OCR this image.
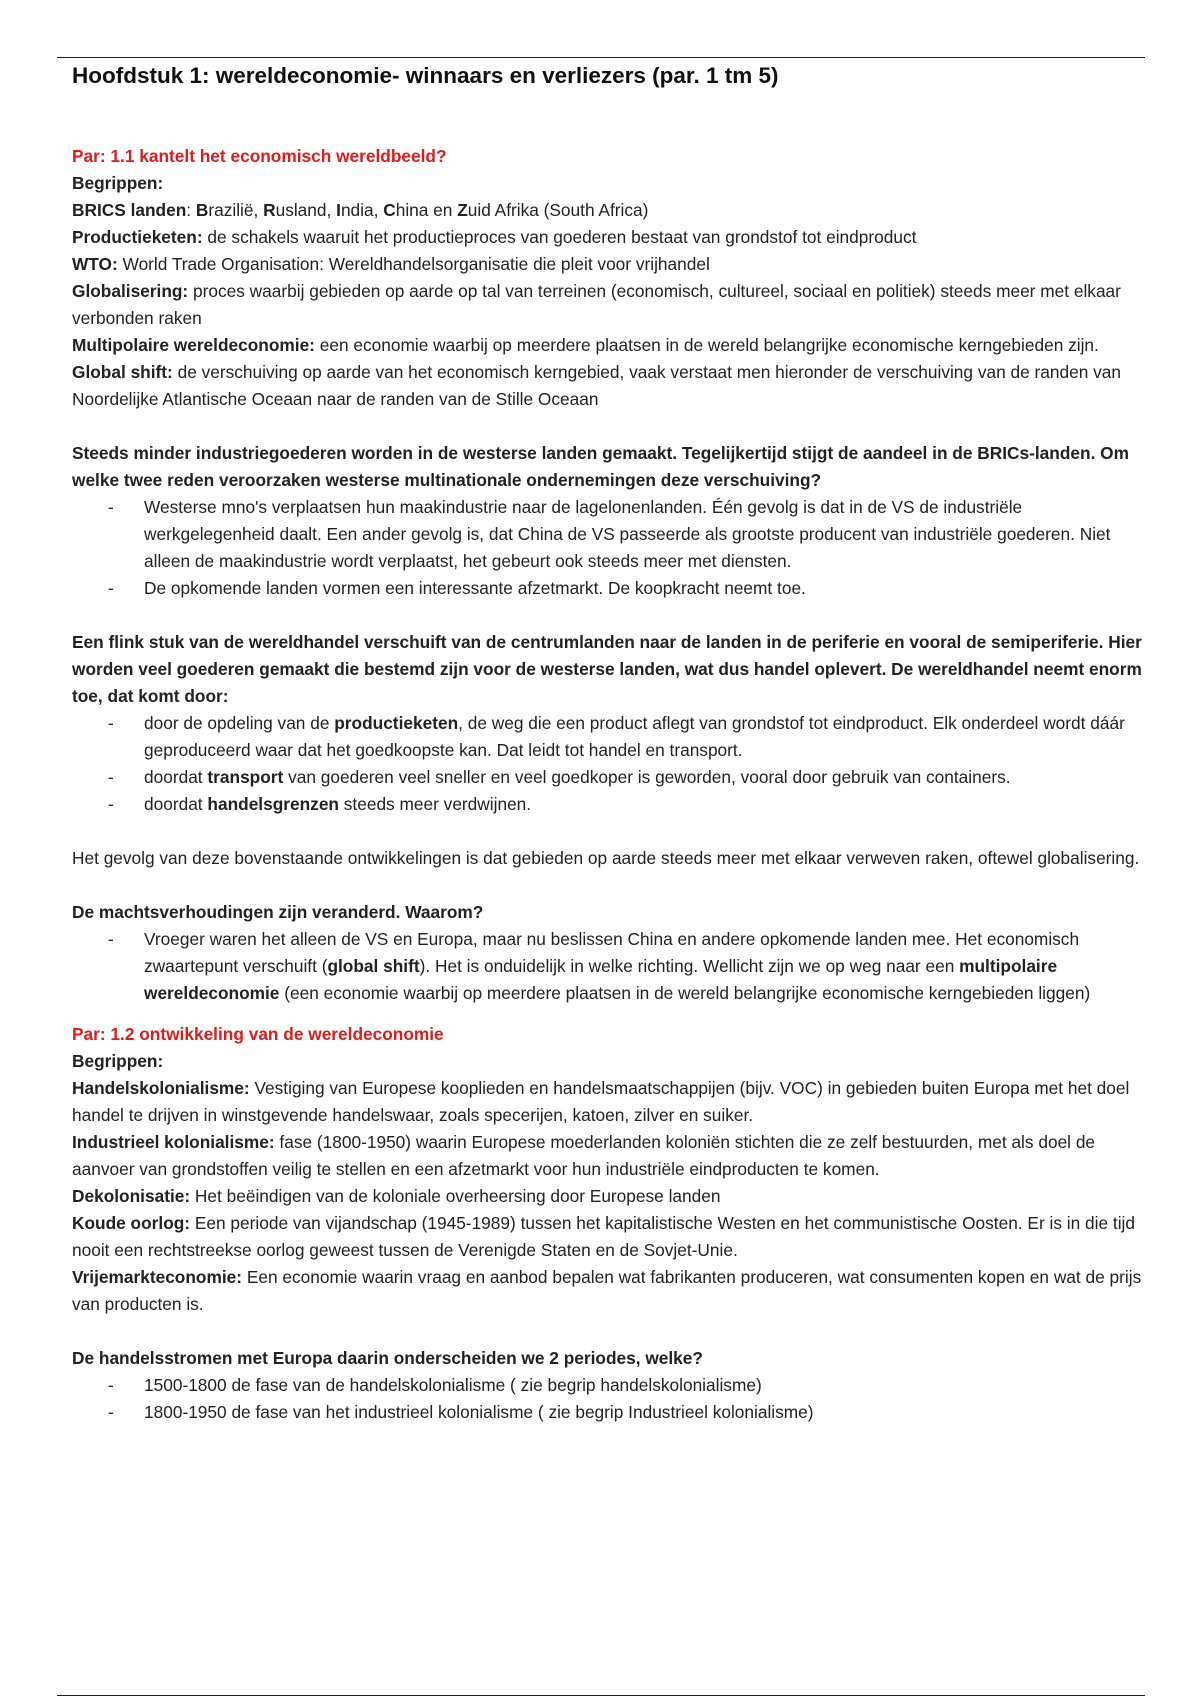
Hoofdstuk 1: wereldeconomie- winnaars en verliezers (par. 1 tm 5)

Par: 1.1 kantelt het economisch wereldbeeld?

Begrippen:

BRICS landen: Brazilië, Rusland, India, China en Zuid Afrika (South Africa)

Productieketen: de schakels waaruit het productieproces van goederen bestaat van grondstof tot eindproduct

WTO: World Trade Organisation: Wereldhandelsorganisatie die pleit voor vrijhandel

Globalisering: proces waarbij gebieden op aarde op tal van terreinen (economisch, cultureel, sociaal en politiek) steeds meer met elkaar verbonden raken

Multipolaire wereldeconomie: een economie waarbij op meerdere plaatsen in de wereld belangrijke economische kerngebieden zijn.

Global shift: de verschuiving op aarde van het economisch kerngebied, vaak verstaat men hieronder de verschuiving van de randen van Noordelijke Atlantische Oceaan naar de randen van de Stille Oceaan

Steeds minder industriegoederen worden in de westerse landen gemaakt. Tegelijkertijd stijgt de aandeel in de BRICs-landen. Om welke twee reden veroorzaken westerse multinationale ondernemingen deze verschuiving?

- Westerse mno's verplaatsen hun maakindustrie naar de lagelonenlanden. Één gevolg is dat in de VS de industriële werkgelegenheid daalt. Een ander gevolg is, dat China de VS passeerde als grootste producent van industriële goederen. Niet alleen de maakindustrie wordt verplaatst, het gebeurt ook steeds meer met diensten.
- De opkomende landen vormen een interessante afzetmarkt. De koopkracht neemt toe.

Een flink stuk van de wereldhandel verschuift van de centrumlanden naar de landen in de periferie en vooral de semiperiferie. Hier worden veel goederen gemaakt die bestemd zijn voor de westerse landen, wat dus handel oplevert. De wereldhandel neemt enorm toe, dat komt door:

- door de opdeling van de productieketen, de weg die een product aflegt van grondstof tot eindproduct. Elk onderdeel wordt dáár geproduceerd waar dat het goedkoopste kan. Dat leidt tot handel en transport.
- doordat transport van goederen veel sneller en veel goedkoper is geworden, vooral door gebruik van containers.
- doordat handelsgrenzen steeds meer verdwijnen.

Het gevolg van deze bovenstaande ontwikkelingen is dat gebieden op aarde steeds meer met elkaar verweven raken, oftewel globalisering.

De machtsverhoudingen zijn veranderd. Waarom?

- Vroeger waren het alleen de VS en Europa, maar nu beslissen China en andere opkomende landen mee. Het economisch zwaartepunt verschuift (global shift). Het is onduidelijk in welke richting. Wellicht zijn we op weg naar een multipolaire wereldeconomie (een economie waarbij op meerdere plaatsen in de wereld belangrijke economische kerngebieden liggen)

Par: 1.2 ontwikkeling van de wereldeconomie

Begrippen:

Handelskolonialisme: Vestiging van Europese kooplieden en handelsmaatschappijen (bijv. VOC) in gebieden buiten Europa met het doel handel te drijven in winstgevende handelswaar, zoals specerijen, katoen, zilver en suiker.

Industrieel kolonialisme: fase (1800-1950) waarin Europese moederlanden koloniën stichten die ze zelf bestuurden, met als doel de aanvoer van grondstoffen veilig te stellen en een afzetmarkt voor hun industriële eindproducten te komen.

Dekolonisatie: Het beëindigen van de koloniale overheersing door Europese landen

Koude oorlog: Een periode van vijandschap (1945-1989) tussen het kapitalistische Westen en het communistische Oosten. Er is in die tijd nooit een rechtstreekse oorlog geweest tussen de Verenigde Staten en de Sovjet-Unie.

Vrijemarkteconomie: Een economie waarin vraag en aanbod bepalen wat fabrikanten produceren, wat consumenten kopen en wat de prijs van producten is.

De handelsstromen met Europa daarin onderscheiden we 2 periodes, welke?

- 1500-1800 de fase van de handelskolonialisme ( zie begrip handelskolonialisme)
- 1800-1950 de fase van het industrieel kolonialisme ( zie begrip Industrieel kolonialisme)
